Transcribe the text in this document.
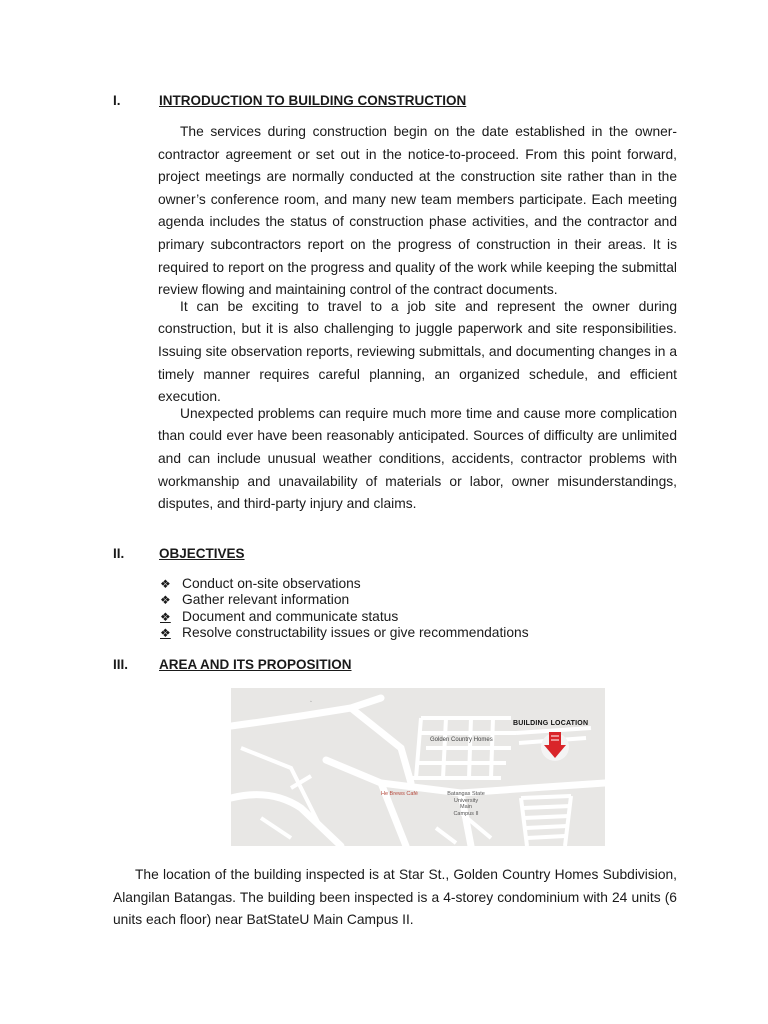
I.	INTRODUCTION TO BUILDING CONSTRUCTION

The services during construction begin on the date established in the owner-contractor agreement or set out in the notice-to-proceed. From this point forward, project meetings are normally conducted at the construction site rather than in the owner’s conference room, and many new team members participate. Each meeting agenda includes the status of construction phase activities, and the contractor and primary subcontractors report on the progress of construction in their areas. It is required to report on the progress and quality of the work while keeping the submittal review flowing and maintaining control of the contract documents.

It can be exciting to travel to a job site and represent the owner during construction, but it is also challenging to juggle paperwork and site responsibilities. Issuing site observation reports, reviewing submittals, and documenting changes in a timely manner requires careful planning, an organized schedule, and efficient execution.

Unexpected problems can require much more time and cause more complication than could ever have been reasonably anticipated. Sources of difficulty are unlimited and can include unusual weather conditions, accidents, contractor problems with workmanship and unavailability of materials or labor, owner misunderstandings, disputes, and third-party injury and claims.

II.	OBJECTIVES
❖ Conduct on-site observations
❖ Gather relevant information
❖ Document and communicate status
❖ Resolve constructability issues or give recommendations
III. AREA AND ITS PROPOSITION
◦
BUILDING LOCATION
Golden Country Homes
He Brews Café	Batangas State
University
Main
Campus II

The location of the building inspected is at Star St., Golden Country Homes Subdivision, Alangilan Batangas. The building been inspected is a 4-storey condominium with 24 units (6 units each floor) near BatStateU Main Campus II.
